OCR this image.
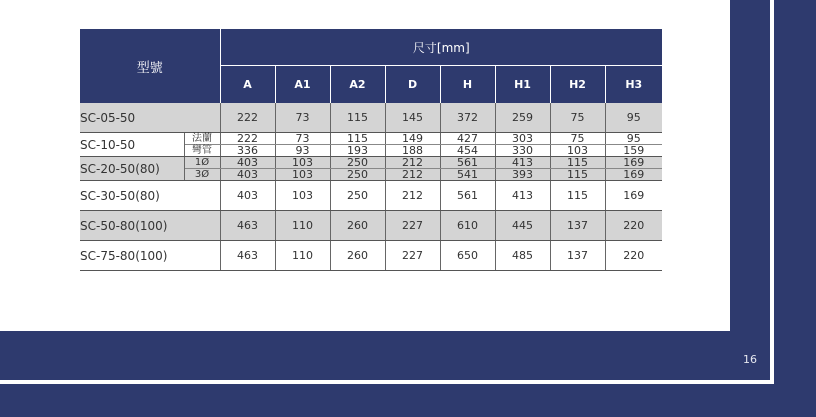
16
型號		尺寸[mm]							
		A	A1	A2	D	H	H1	H2	H3
SC-05-50		222	73	115	145	372	259	75	95
SC-10-50	法蘭	222	73	115	149	427	303	75	95
	彎管	336	93	193	188	454	330	103	159
SC-20-50(80)	1Ø	403	103	250	212	561	413	115	169
	3Ø	403	103	250	212	541	393	115	169
SC-30-50(80)		403	103	250	212	561	413	115	169
SC-50-80(100)		463	110	260	227	610	445	137	220
SC-75-80(100)		463	110	260	227	650	485	137	220
